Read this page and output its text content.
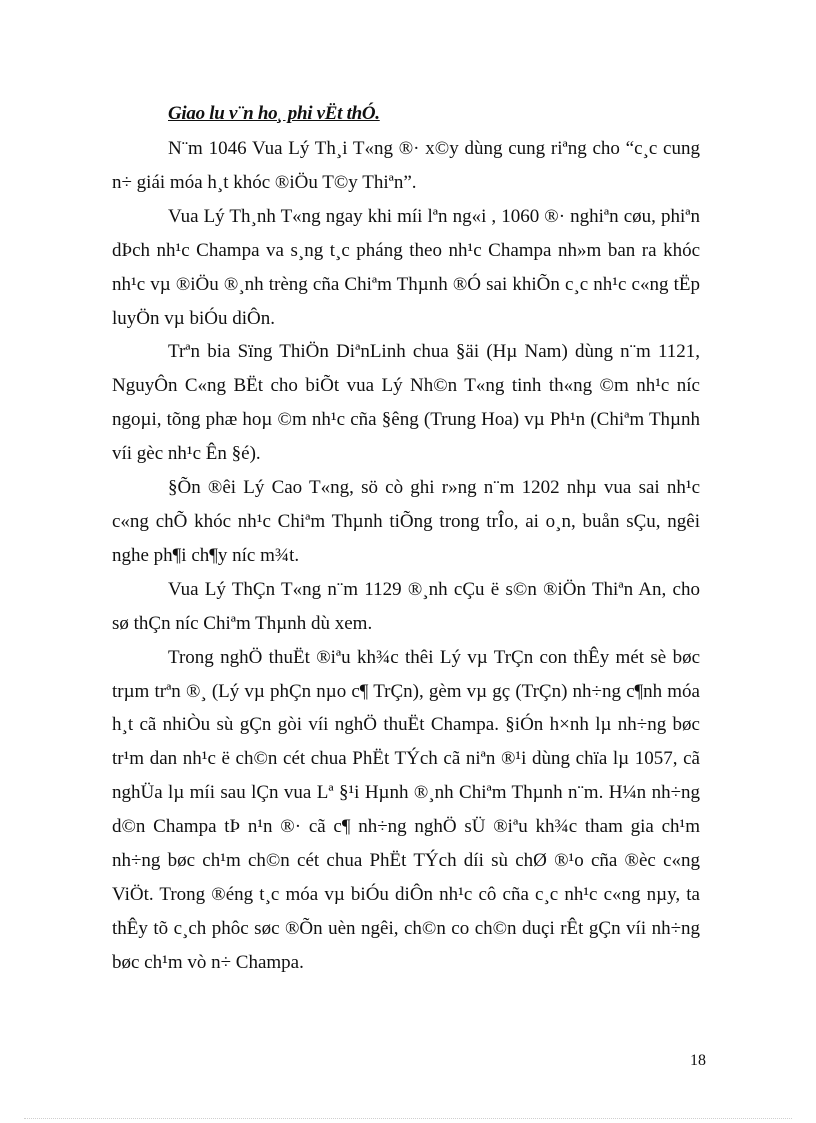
Giao lu v¨n ho¸ phi vËt thÓ.

N¨m 1046 Vua Lý Th¸i T«ng ®· x©y dùng cung riªng cho “c¸c cung n÷ giái móa h¸t khóc ®iÖu T©y Thiªn”.

Vua Lý Th¸nh T«ng ngay khi míi lªn ng«i , 1060 ®· nghiªn cøu, phiªn dÞch nh¹c Champa va s¸ng t¸c pháng theo nh¹c Champa nh»m ban ra khóc nh¹c vµ ®iÖu ®¸nh trèng cña Chiªm Thµnh ®Ó sai khiÕn c¸c nh¹c c«ng tËp luyÖn vµ biÓu diÔn.

Trªn bia Sïng ThiÖn DiªnLinh chua §äi (Hµ Nam) dùng n¨m 1121, NguyÔn C«ng BËt cho biÕt vua Lý Nh©n T«ng tinh th«ng ©m nh¹c níc ngoµi, tõng phæ hoµ ©m nh¹c cña §êng (Trung Hoa) vµ Ph¹n (Chiªm Thµnh víi gèc nh¹c Ên §é).

§Õn ®êi Lý Cao T«ng, sö cò ghi r»ng n¨m 1202 nhµ vua sai nh¹c c«ng chÕ khóc nh¹c Chiªm Thµnh tiÕng trong trÎo, ai o¸n, buån sÇu, ngêi nghe ph¶i ch¶y níc m¾t.

Vua Lý ThÇn T«ng n¨m 1129 ®¸nh cÇu ë s©n ®iÖn Thiªn An, cho sø thÇn níc Chiªm Thµnh dù xem.

Trong nghÖ thuËt ®iªu kh¾c thêi Lý vµ TrÇn con thÊy mét sè bøc trµm trªn ®¸ (Lý vµ phÇn nµo c¶ TrÇn), gèm vµ gç (TrÇn) nh÷ng c¶nh móa h¸t cã nhiÒu sù gÇn gòi víi nghÖ thuËt Champa. §iÓn h×nh lµ nh÷ng bøc tr¹m dan nh¹c ë ch©n cét chua PhËt TÝch cã niªn ®¹i dùng chïa lµ 1057, cã nghÜa lµ míi sau lÇn vua Lª §¹i Hµnh ®¸nh Chiªm Thµnh n¨m. H¼n nh÷ng d©n Champa tÞ n¹n ®· cã c¶ nh÷ng nghÖ sÜ ®iªu kh¾c tham gia ch¹m nh÷ng bøc ch¹m ch©n cét chua PhËt TÝch díi sù chØ ®¹o cña ®èc c«ng ViÖt. Trong ®éng t¸c móa vµ biÓu diÔn nh¹c cô cña c¸c nh¹c c«ng nµy, ta thÊy tõ c¸ch phôc søc ®Õn uèn ngêi, ch©n co ch©n duçi rÊt gÇn víi nh÷ng bøc ch¹m vò n÷ Champa.

18
